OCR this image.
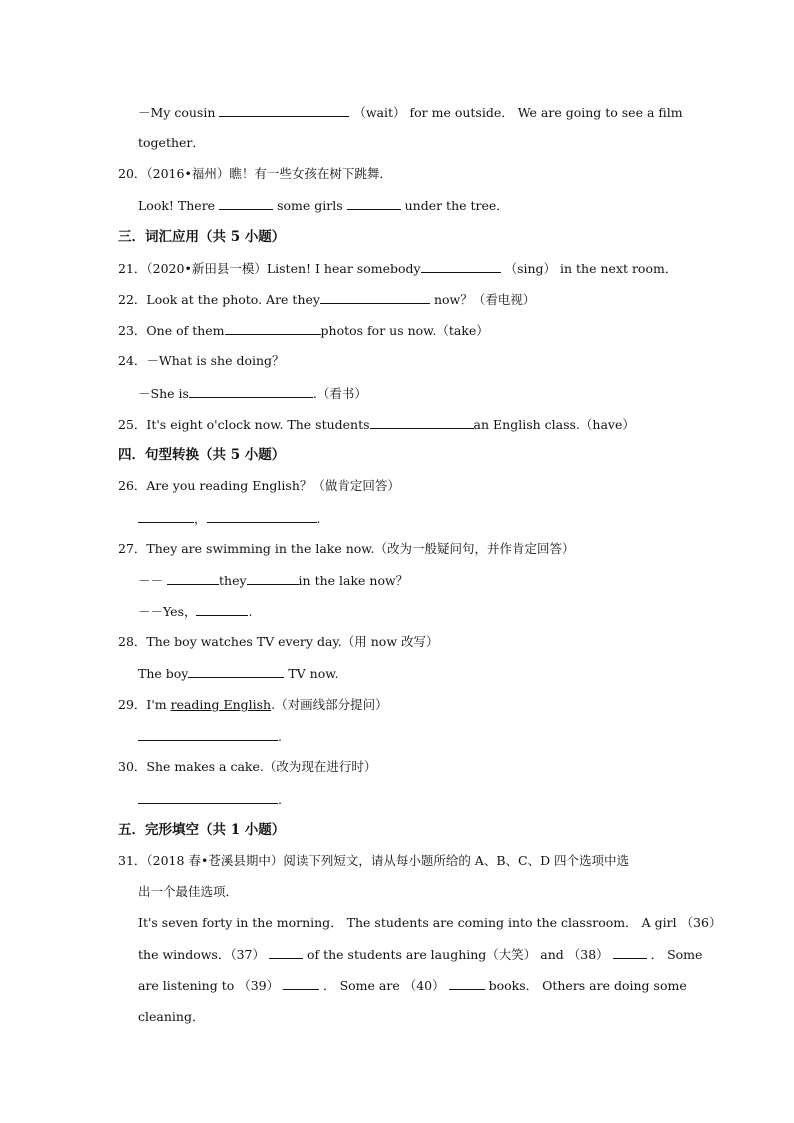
－My cousin	（wait） for me outside． We are going to see a film
together．
20．（2016•福州）瞧！有一些女孩在树下跳舞．
Look! There	some girls	under the tree．
三．词汇应用（共 5 小题）
21．（2020•新田县一模）Listen! I hear somebody	（sing） in the next room．
22．Look at the photo. Are they	now？（看电视）
23．One of them	photos for us now.（take）
24．－What is she doing？
－She is	.（看书）
25．It's eight o'clock now. The students	an English class.（have）
四．句型转换（共 5 小题）
26．Are you reading English？（做肯定回答）
，	.
27．They are swimming in the lake now.（改为一般疑问句，并作肯定回答）
－－	they	in the lake now？
－－Yes，	.
28．The boy watches TV every day.（用 now 改写）
The boy	TV now.
29．I'm reading English.（对画线部分提问）
.
30．She makes a cake.（改为现在进行时）
.
五．完形填空（共 1 小题）
31．（2018 春•苍溪县期中）阅读下列短文，请从每小题所给的 A、B、C、D 四个选项中选
出一个最佳选项．
It's seven forty in the morning． The students are coming into the classroom． A girl （36）
the windows．（37）	of the students are laughing（大笑） and （38）	． Some
are listening to （39）	． Some are （40）	books． Others are doing some
cleaning．
